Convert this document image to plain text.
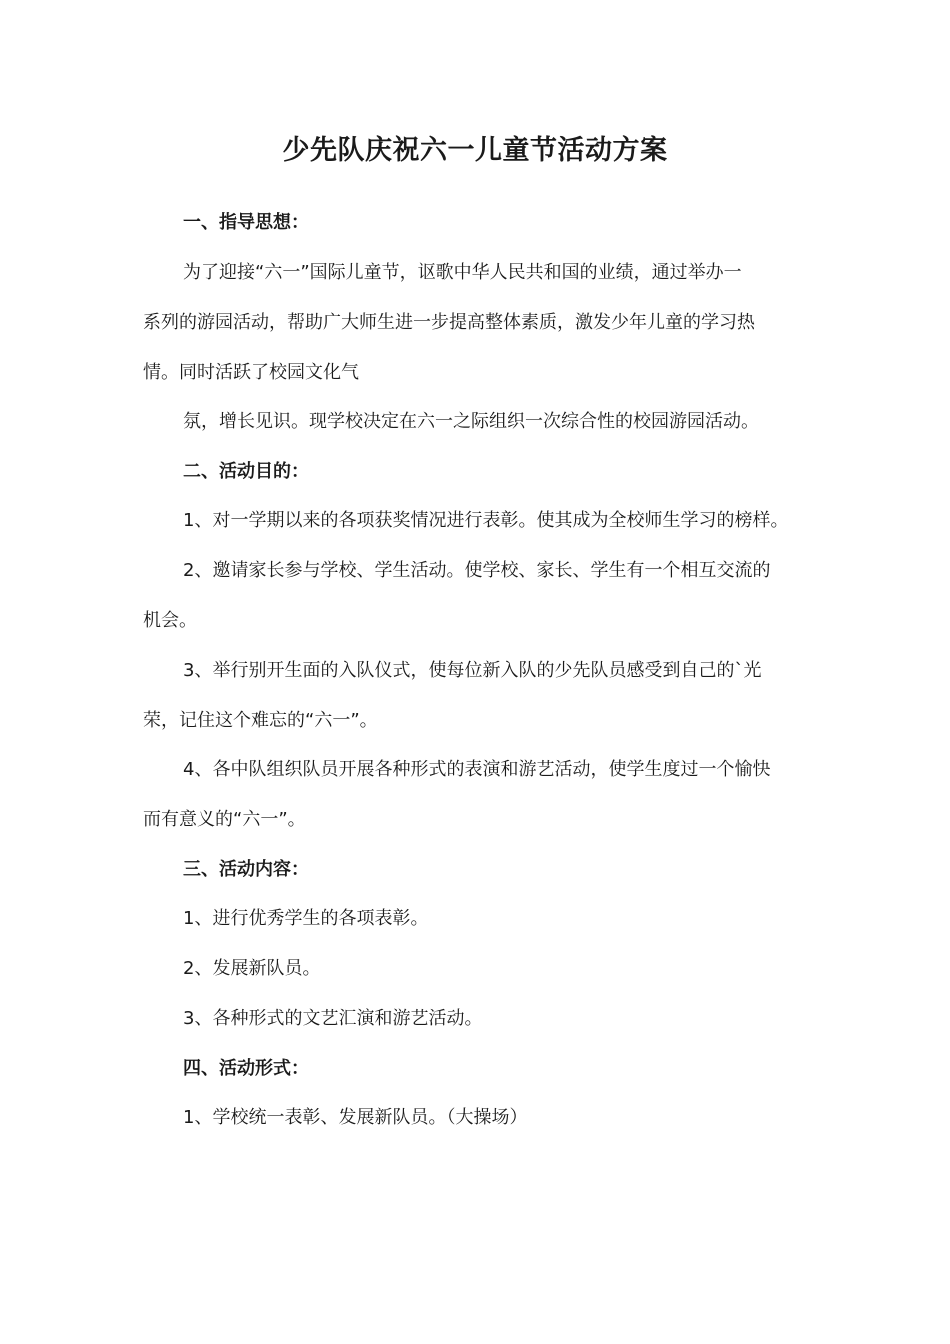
少先队庆祝六一儿童节活动方案
一、指导思想：
为了迎接“六一”国际儿童节，讴歌中华人民共和国的业绩，通过举办一
系列的游园活动，帮助广大师生进一步提高整体素质，激发少年儿童的学习热
情。同时活跃了校园文化气
氛，增长见识。现学校决定在六一之际组织一次综合性的校园游园活动。
二、活动目的：
1、对一学期以来的各项获奖情况进行表彰。使其成为全校师生学习的榜样。
2、邀请家长参与学校、学生活动。使学校、家长、学生有一个相互交流的
机会。
3、举行别开生面的入队仪式，使每位新入队的少先队员感受到自己的`光
荣，记住这个难忘的“六一”。
4、各中队组织队员开展各种形式的表演和游艺活动，使学生度过一个愉快
而有意义的“六一”。
三、活动内容：
1、进行优秀学生的各项表彰。
2、发展新队员。
3、各种形式的文艺汇演和游艺活动。
四、活动形式：
1、学校统一表彰、发展新队员。（大操场）
